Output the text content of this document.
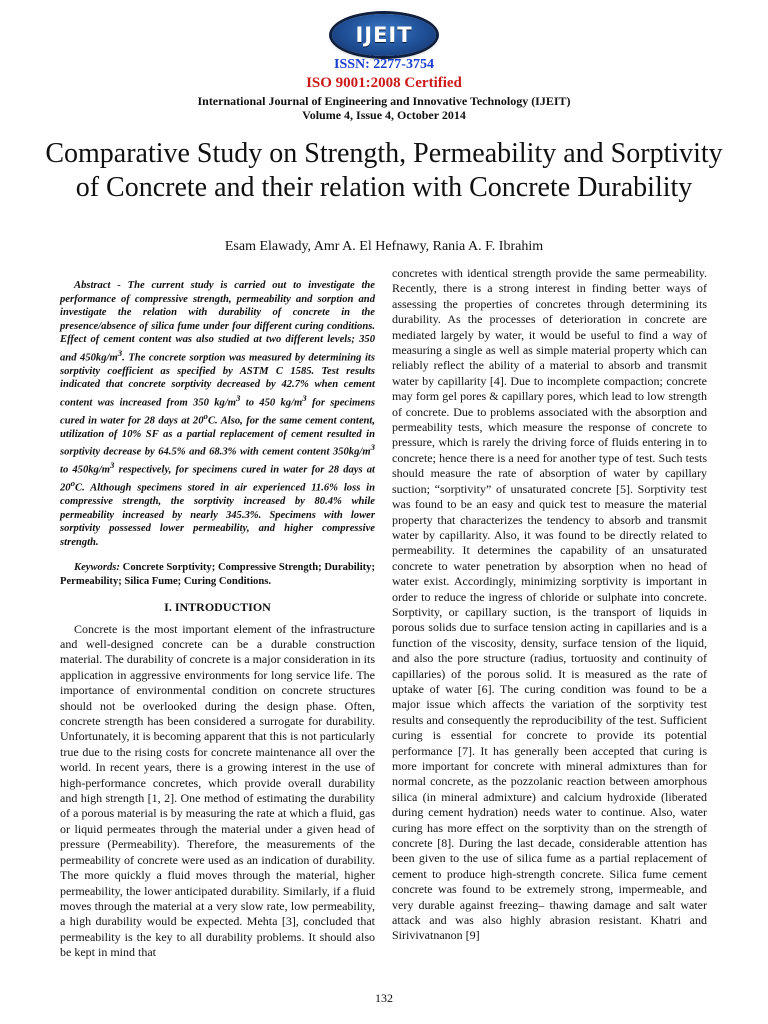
IJEIT
ISSN: 2277-3754
ISO 9001:2008 Certified
International Journal of Engineering and Innovative Technology (IJEIT)
Volume 4, Issue 4, October 2014
Comparative Study on Strength, Permeability and Sorptivity of Concrete and their relation with Concrete Durability
Esam Elawady, Amr A. El Hefnawy, Rania A. F. Ibrahim

Abstract - The current study is carried out to investigate the performance of compressive strength, permeability and sorption and investigate the relation with durability of concrete in the presence/absence of silica fume under four different curing conditions. Effect of cement content was also studied at two different levels; 350 and $450kg/m^3$. The concrete sorption was measured by determining its sorptivity coefficient as specified by ASTM C 1585. Test results indicated that concrete sorptivity decreased by 42.7% when cement content was increased from 350 $kg/m^3$ to 450 $kg/m^3$ for specimens cured in water for 28 days at 20$^o$C. Also, for the same cement content, utilization of 10% SF as a partial replacement of cement resulted in sorptivity decrease by 64.5% and 68.3% with cement content $350kg/m^3$ to $450kg/m^3$ respectively, for specimens cured in water for 28 days at 20$^o$C. Although specimens stored in air experienced 11.6% loss in compressive strength, the sorptivity increased by 80.4% while permeability increased by nearly 345.3%. Specimens with lower sorptivity possessed lower permeability, and higher compressive strength.

Keywords: Concrete Sorptivity; Compressive Strength; Durability; Permeability; Silica Fume; Curing Conditions.

I. INTRODUCTION

Concrete is the most important element of the infrastructure and well-designed concrete can be a durable construction material. The durability of concrete is a major consideration in its application in aggressive environments for long service life. The importance of environmental condition on concrete structures should not be overlooked during the design phase. Often, concrete strength has been considered a surrogate for durability. Unfortunately, it is becoming apparent that this is not particularly true due to the rising costs for concrete maintenance all over the world. In recent years, there is a growing interest in the use of high-performance concretes, which provide overall durability and high strength [1, 2]. One method of estimating the durability of a porous material is by measuring the rate at which a fluid, gas or liquid permeates through the material under a given head of pressure (Permeability). Therefore, the measurements of the permeability of concrete were used as an indication of durability. The more quickly a fluid moves through the material, higher permeability, the lower anticipated durability. Similarly, if a fluid moves through the material at a very slow rate, low permeability, a high durability would be expected. Mehta [3], concluded that permeability is the key to all durability problems. It should also be kept in mind that

concretes with identical strength provide the same permeability. Recently, there is a strong interest in finding better ways of assessing the properties of concretes through determining its durability. As the processes of deterioration in concrete are mediated largely by water, it would be useful to find a way of measuring a single as well as simple material property which can reliably reflect the ability of a material to absorb and transmit water by capillarity [4]. Due to incomplete compaction; concrete may form gel pores & capillary pores, which lead to low strength of concrete. Due to problems associated with the absorption and permeability tests, which measure the response of concrete to pressure, which is rarely the driving force of fluids entering in to concrete; hence there is a need for another type of test. Such tests should measure the rate of absorption of water by capillary suction; “sorptivity” of unsaturated concrete [5]. Sorptivity test was found to be an easy and quick test to measure the material property that characterizes the tendency to absorb and transmit water by capillarity. Also, it was found to be directly related to permeability. It determines the capability of an unsaturated concrete to water penetration by absorption when no head of water exist. Accordingly, minimizing sorptivity is important in order to reduce the ingress of chloride or sulphate into concrete. Sorptivity, or capillary suction, is the transport of liquids in porous solids due to surface tension acting in capillaries and is a function of the viscosity, density, surface tension of the liquid, and also the pore structure (radius, tortuosity and continuity of capillaries) of the porous solid. It is measured as the rate of uptake of water [6]. The curing condition was found to be a major issue which affects the variation of the sorptivity test results and consequently the reproducibility of the test. Sufficient curing is essential for concrete to provide its potential performance [7]. It has generally been accepted that curing is more important for concrete with mineral admixtures than for normal concrete, as the pozzolanic reaction between amorphous silica (in mineral admixture) and calcium hydroxide (liberated during cement hydration) needs water to continue. Also, water curing has more effect on the sorptivity than on the strength of concrete [8]. During the last decade, considerable attention has been given to the use of silica fume as a partial replacement of cement to produce high-strength concrete. Silica fume cement concrete was found to be extremely strong, impermeable, and very durable against freezing– thawing damage and salt water attack and was also highly abrasion resistant. Khatri and Sirivivatnanon [9]

132
